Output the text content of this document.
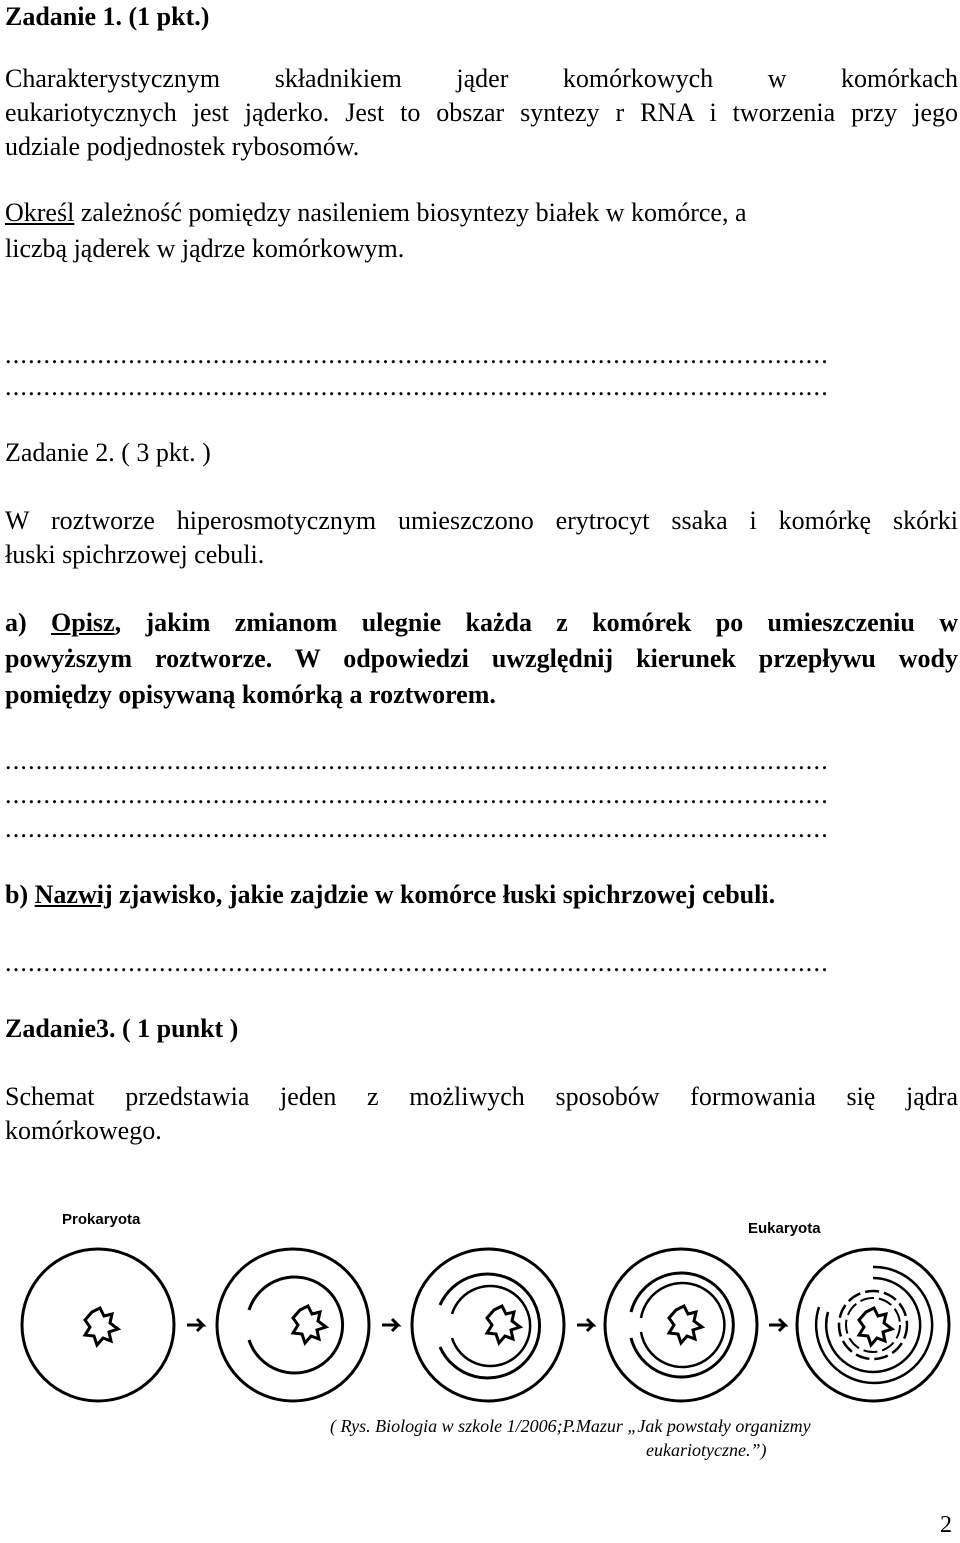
Zadanie 1. (1 pkt.)

Charakterystycznym składnikiem jąder komórkowych w komórkach

eukariotycznych jest jąderko. Jest to obszar syntezy r RNA i tworzenia przy jego

udziale podjednostek rybosomów.

Określ zależność pomiędzy nasileniem biosyntezy białek w komórce, a

liczbą jąderek w jądrze komórkowym.

...........................................................................................................

...........................................................................................................

Zadanie 2. ( 3 pkt. )

W roztworze hiperosmotycznym umieszczono erytrocyt ssaka i komórkę skórki

łuski spichrzowej cebuli.

a) Opisz, jakim zmianom ulegnie każda z komórek po umieszczeniu w

powyższym roztworze. W odpowiedzi uwzględnij kierunek przepływu wody

pomiędzy opisywaną komórką a roztworem.

...........................................................................................................

...........................................................................................................

...........................................................................................................

b) Nazwij zjawisko, jakie zajdzie w komórce łuski spichrzowej cebuli.

...........................................................................................................

Zadanie3. ( 1 punkt )

Schemat przedstawia jeden z możliwych sposobów formowania się jądra

komórkowego.

Prokaryota
Eukaryota

( Rys. Biologia w szkole 1/2006;P.Mazur „Jak powstały organizmy

eukariotyczne.”)

2
